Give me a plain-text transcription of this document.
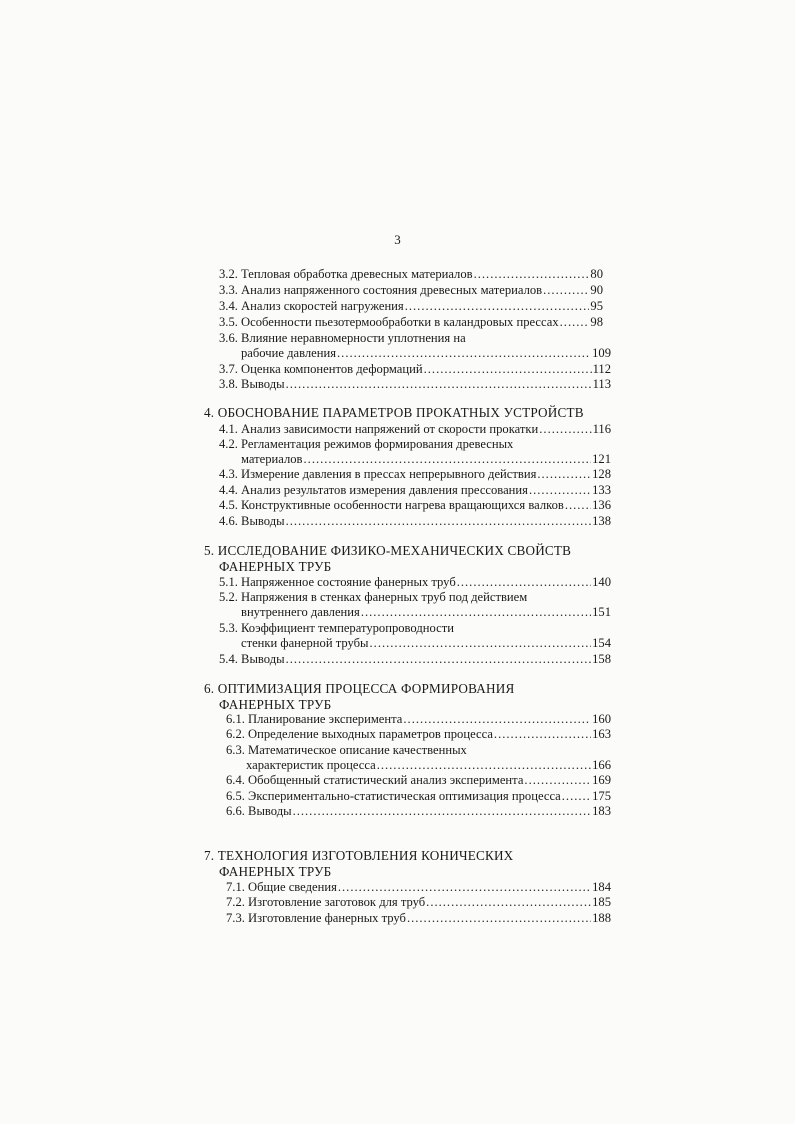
3
3.2. Тепловая обработка древесных материалов .....	80
3.3. Анализ напряженного состояния древесных материалов .....	90
3.4. Анализ скоростей нагружения .....	95
3.5. Особенности пьезотермообработки в каландровых прессах .....	98
3.6. Влияние неравномерности уплотнения на
рабочие давления .....	109
3.7. Оценка компонентов деформаций .....	112
3.8. Выводы .....	113
4. ОБОСНОВАНИЕ ПАРАМЕТРОВ ПРОКАТНЫХ УСТРОЙСТВ
4.1. Анализ зависимости напряжений от скорости прокатки .....	116
4.2. Регламентация режимов формирования древесных
материалов .....	121
4.3. Измерение давления в прессах непрерывного действия .....	128
4.4. Анализ результатов измерения давления прессования .....	133
4.5. Конструктивные особенности нагрева вращающихся валков ..... 136
4.6. Выводы .....	138
5. ИССЛЕДОВАНИЕ ФИЗИКО-МЕХАНИЧЕСКИХ СВОЙСТВ
ФАНЕРНЫХ ТРУБ
5.1. Напряженное состояние фанерных труб .....	140
5.2. Напряжения в стенках фанерных труб под действием
внутреннего давления .....	151
5.3. Коэффициент температуропроводности
стенки фанерной трубы .....	154
5.4. Выводы .....	158
6. ОПТИМИЗАЦИЯ ПРОЦЕССА ФОРМИРОВАНИЯ
ФАНЕРНЫХ ТРУБ
6.1. Планирование эксперимента .....	160
6.2. Определение выходных параметров процесса .....	163
6.3. Математическое описание качественных
характеристик процесса .....	166
6.4. Обобщенный статистический анализ эксперимента .....	169
6.5. Экспериментально-статистическая оптимизация процесса ..... 175
6.6. Выводы .....	183
7. ТЕХНОЛОГИЯ ИЗГОТОВЛЕНИЯ КОНИЧЕСКИХ
ФАНЕРНЫХ ТРУБ
7.1. Общие сведения .....	184
7.2. Изготовление заготовок для труб .....	185
7.3. Изготовление фанерных труб .....	188
